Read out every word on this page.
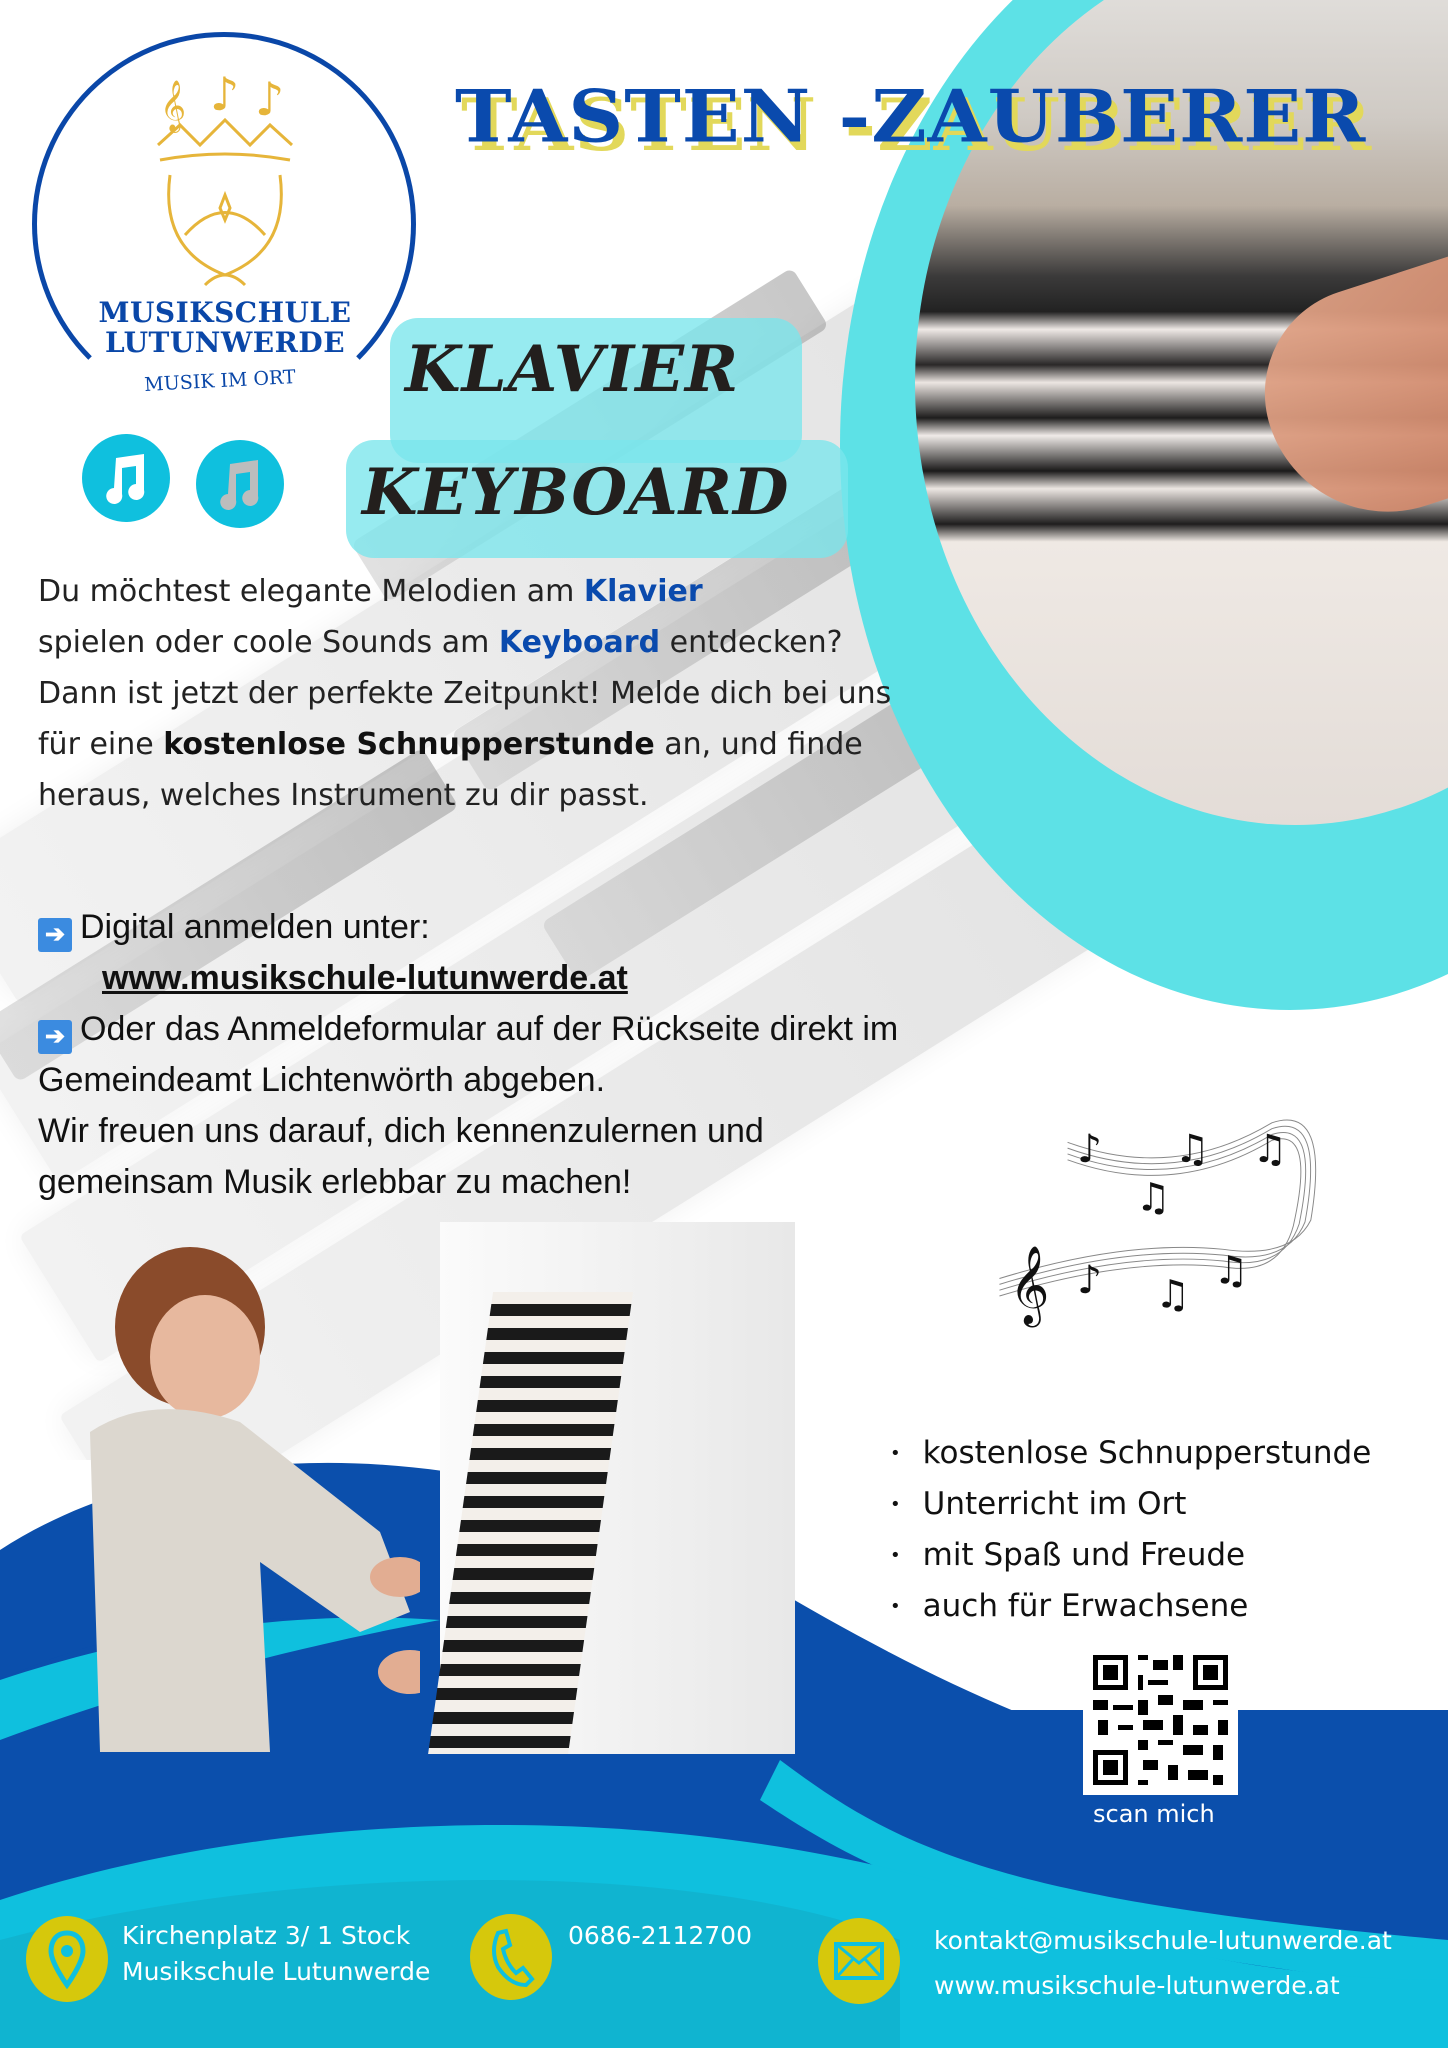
𝄞 ♪ ♪
MUSIKSCHULE
LUTUNWERDE
MUSIK IM ORT
TASTEN -ZAUBERER
KLAVIER
KEYBOARD
Du möchtest elegante Melodien am Klavier
spielen oder coole Sounds am Keyboard entdecken? Dann ist jetzt der perfekte Zeitpunkt! Melde dich bei uns für eine kostenlose Schnupperstunde an, und finde heraus, welches Instrument zu dir passt.
➔ Digital anmelden unter:
www.musikschule-lutunwerde.at
➔ Oder das Anmeldeformular auf der Rückseite direkt im Gemeindeamt Lichtenwörth abgeben.
Wir freuen uns darauf, dich kennenzulernen und gemeinsam Musik erlebbar zu machen!
𝄞
♪ ♫ ♫
♫
♪ ♫
♫
• kostenlose Schnupperstunde
• Unterricht im Ort
• mit Spaß und Freude
• auch für Erwachsene
scan mich
Kirchenplatz 3/ 1 Stock
Musikschule Lutunwerde
0686-2112700	kontakt@musikschule-lutunwerde.at
www.musikschule-lutunwerde.at
